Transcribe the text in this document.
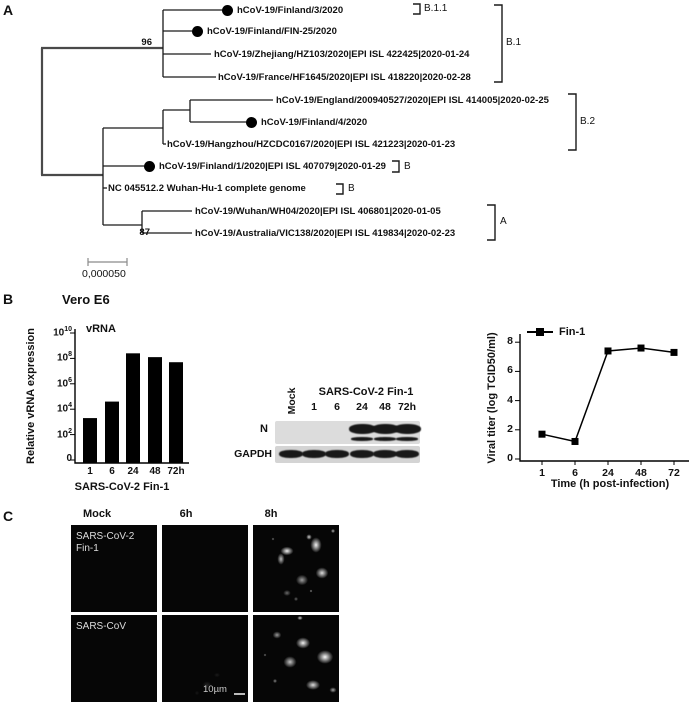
A
B
C
96
87
B.1.1
B.1
B.2
B
B
A
0,000050
Vero E6
vRNA
Relative vRNA expression
SARS-CoV-2 Fin-1
SARS-CoV-2 Fin-1
Mock
N
GAPDH	Viral titer (log TCID50/ml)
Time (h post-infection)
Fin-1
Mock	6h	8h
SARS-CoV-2
Fin-1
SARS-CoV
10µm
hCoV-19/Finland/3/2020
hCoV-19/Finland/FIN-25/2020
hCoV-19/Zhejiang/HZ103/2020|EPI ISL 422425|2020-01-24
hCoV-19/France/HF1645/2020|EPI ISL 418220|2020-02-28
hCoV-19/England/200940527/2020|EPI ISL 414005|2020-02-25
hCoV-19/Finland/4/2020
hCoV-19/Hangzhou/HZCDC0167/2020|EPI ISL 421223|2020-01-23
hCoV-19/Finland/1/2020|EPI ISL 407079|2020-01-29
NC 045512.2 Wuhan-Hu-1 complete genome
hCoV-19/Wuhan/WH04/2020|EPI ISL 406801|2020-01-05
hCoV-19/Australia/VIC138/2020|EPI ISL 419834|2020-02-23
$10^{10}$
$10^8$
$10^6$
$10^4$
$10^2$
0
1	6	24	48 72h
0
2
4
6
8
1	6	24	48	72
1	6	24	48 72h
